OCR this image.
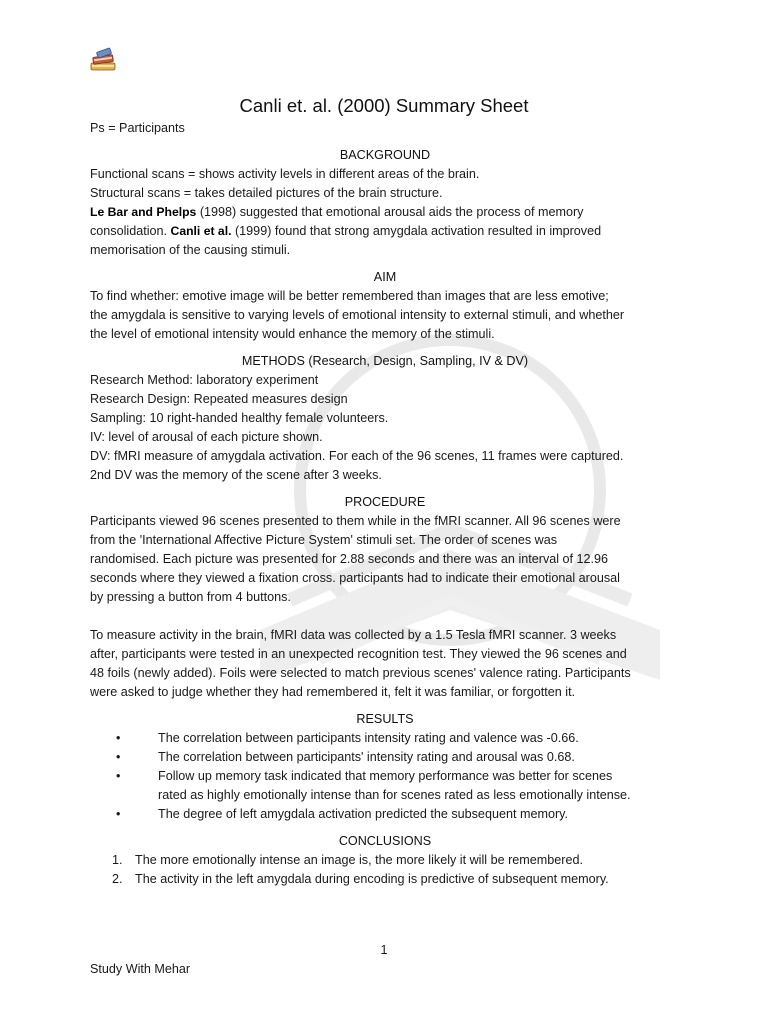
Canli et. al. (2000) Summary Sheet
Ps = Participants
BACKGROUND
Functional scans = shows activity levels in different areas of the brain.
Structural scans = takes detailed pictures of the brain structure.
Le Bar and Phelps (1998) suggested that emotional arousal aids the process of memory
consolidation. Canli et al. (1999) found that strong amygdala activation resulted in improved
memorisation of the causing stimuli.
AIM
To find whether: emotive image will be better remembered than images that are less emotive;
the amygdala is sensitive to varying levels of emotional intensity to external stimuli, and whether
the level of emotional intensity would enhance the memory of the stimuli.
METHODS (Research, Design, Sampling, IV & DV)
Research Method: laboratory experiment
Research Design: Repeated measures design
Sampling: 10 right-handed healthy female volunteers.
IV: level of arousal of each picture shown.
DV: fMRI measure of amygdala activation. For each of the 96 scenes, 11 frames were captured.
2nd DV was the memory of the scene after 3 weeks.
PROCEDURE
Participants viewed 96 scenes presented to them while in the fMRI scanner. All 96 scenes were
from the 'International Affective Picture System' stimuli set. The order of scenes was
randomised. Each picture was presented for 2.88 seconds and there was an interval of 12.96
seconds where they viewed a fixation cross. participants had to indicate their emotional arousal
by pressing a button from 4 buttons.
To measure activity in the brain, fMRI data was collected by a 1.5 Tesla fMRI scanner. 3 weeks
after, participants were tested in an unexpected recognition test. They viewed the 96 scenes and
48 foils (newly added). Foils were selected to match previous scenes' valence rating. Participants
were asked to judge whether they had remembered it, felt it was familiar, or forgotten it.
RESULTS
• The correlation between participants intensity rating and valence was -0.66.
• The correlation between participants' intensity rating and arousal was 0.68.
• Follow up memory task indicated that memory performance was better for scenes
rated as highly emotionally intense than for scenes rated as less emotionally intense.
• The degree of left amygdala activation predicted the subsequent memory.
CONCLUSIONS
1. The more emotionally intense an image is, the more likely it will be remembered.
2. The activity in the left amygdala during encoding is predictive of subsequent memory.
1
Study With Mehar
